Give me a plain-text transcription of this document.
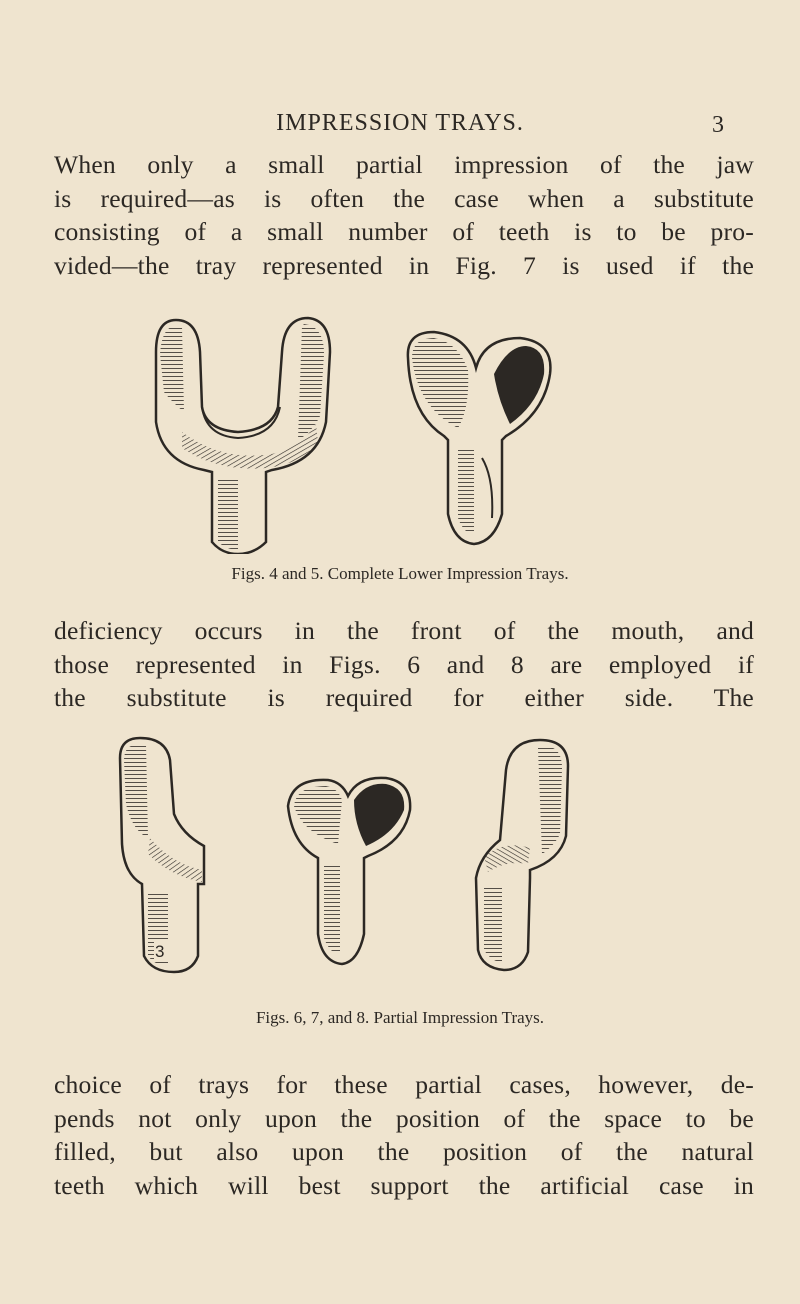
IMPRESSION TRAYS.	3
When only a small partial impression of the jaw
is required—as is often the case when a substitute
consisting of a small number of teeth is to be pro-
vided—the tray represented in Fig. 7 is used if the
Figs. 4 and 5. Complete Lower Impression Trays.
deficiency occurs in the front of the mouth, and
those represented in Figs. 6 and 8 are employed if
the substitute is required for either side. The
3
Figs. 6, 7, and 8. Partial Impression Trays.
choice of trays for these partial cases, however, de-
pends not only upon the position of the space to be
filled, but also upon the position of the natural
teeth which will best support the artificial case in
